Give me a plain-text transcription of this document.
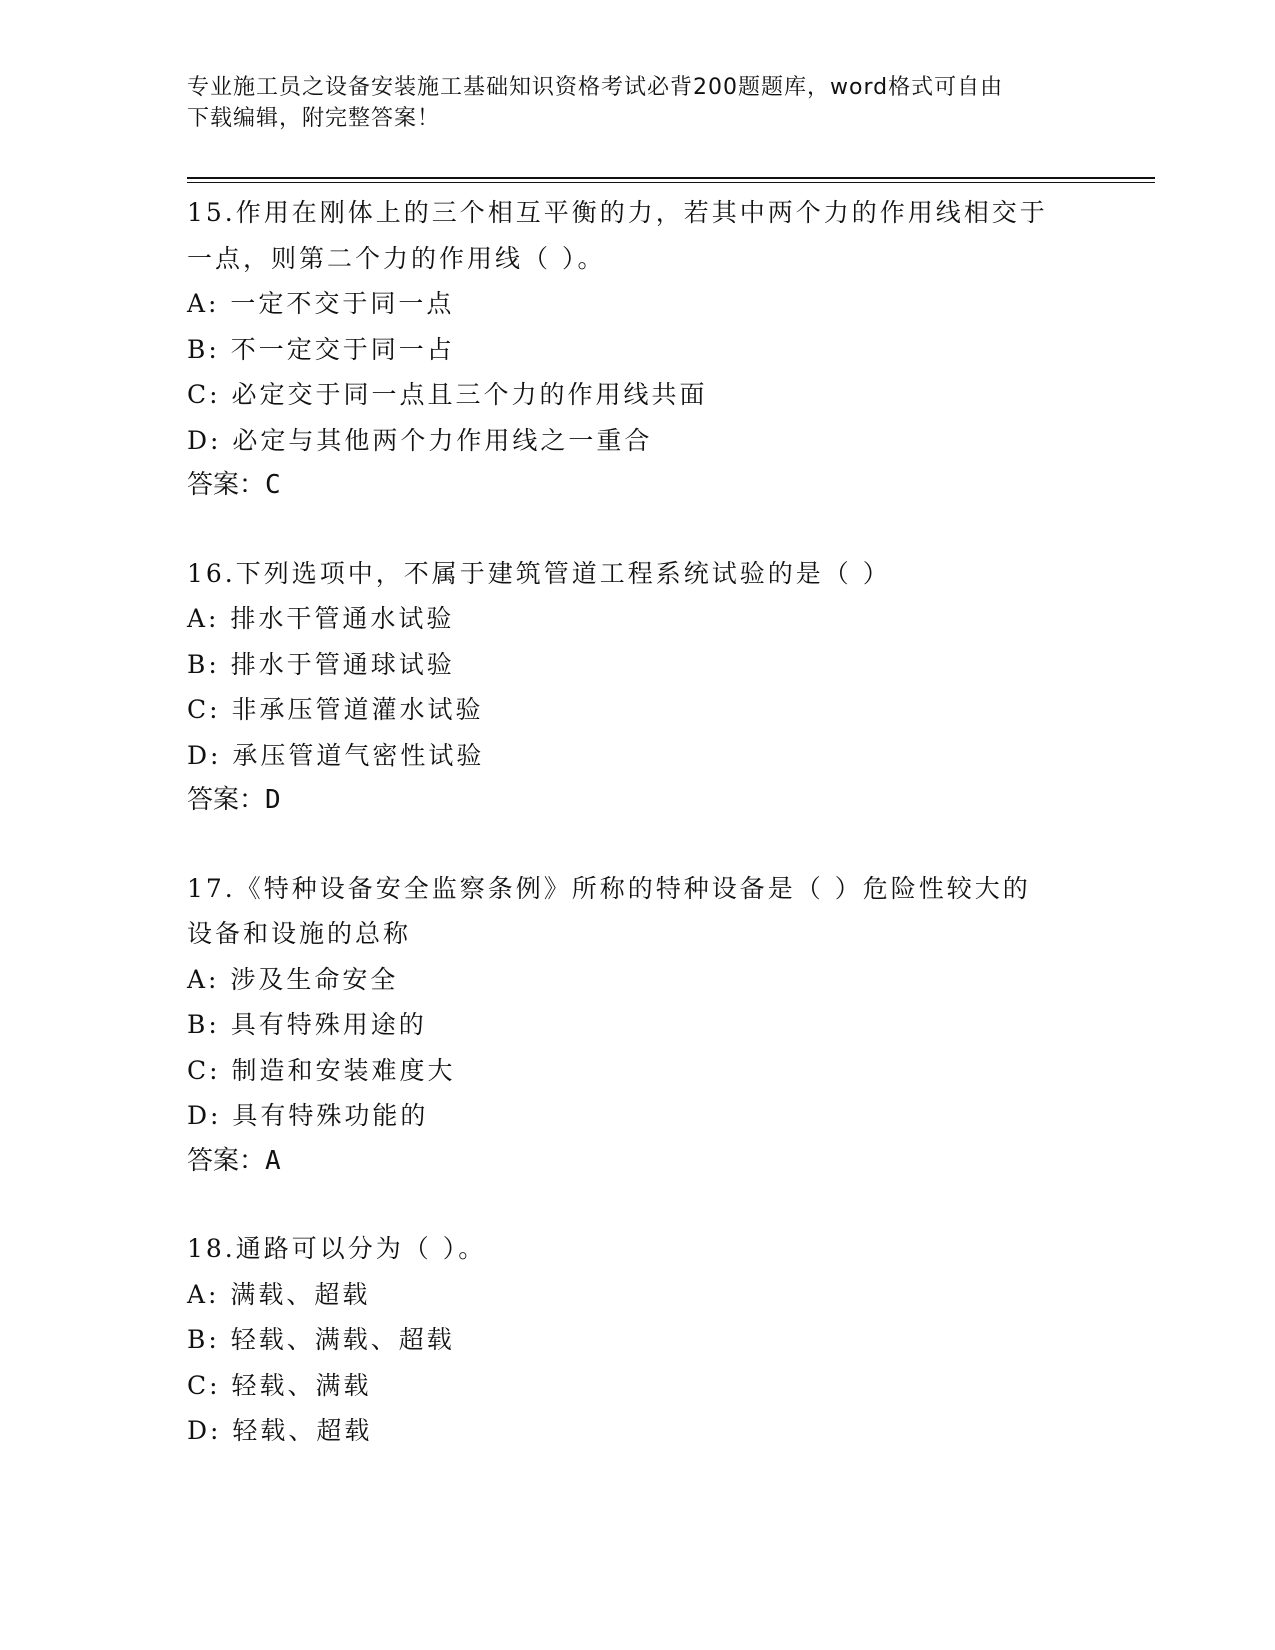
专业施工员之设备安装施工基础知识资格考试必背200题题库，word格式可自由
下载编辑，附完整答案！
15.作用在刚体上的三个相互平衡的力，若其中两个力的作用线相交于
一点，则第二个力的作用线（ ）。
A: 一定不交于同一点
B: 不一定交于同一占
C: 必定交于同一点且三个力的作用线共面
D: 必定与其他两个力作用线之一重合
答案：C
16.下列选项中，不属于建筑管道工程系统试验的是（ ）
A: 排水干管通水试验
B: 排水于管通球试验
C: 非承压管道灌水试验
D: 承压管道气密性试验
答案：D
17.《特种设备安全监察条例》所称的特种设备是（ ）危险性较大的
设备和设施的总称
A: 涉及生命安全
B: 具有特殊用途的
C: 制造和安装难度大
D: 具有特殊功能的
答案：A
18.通路可以分为（ ）。
A: 满载、超载
B: 轻载、满载、超载
C: 轻载、满载
D: 轻载、超载
